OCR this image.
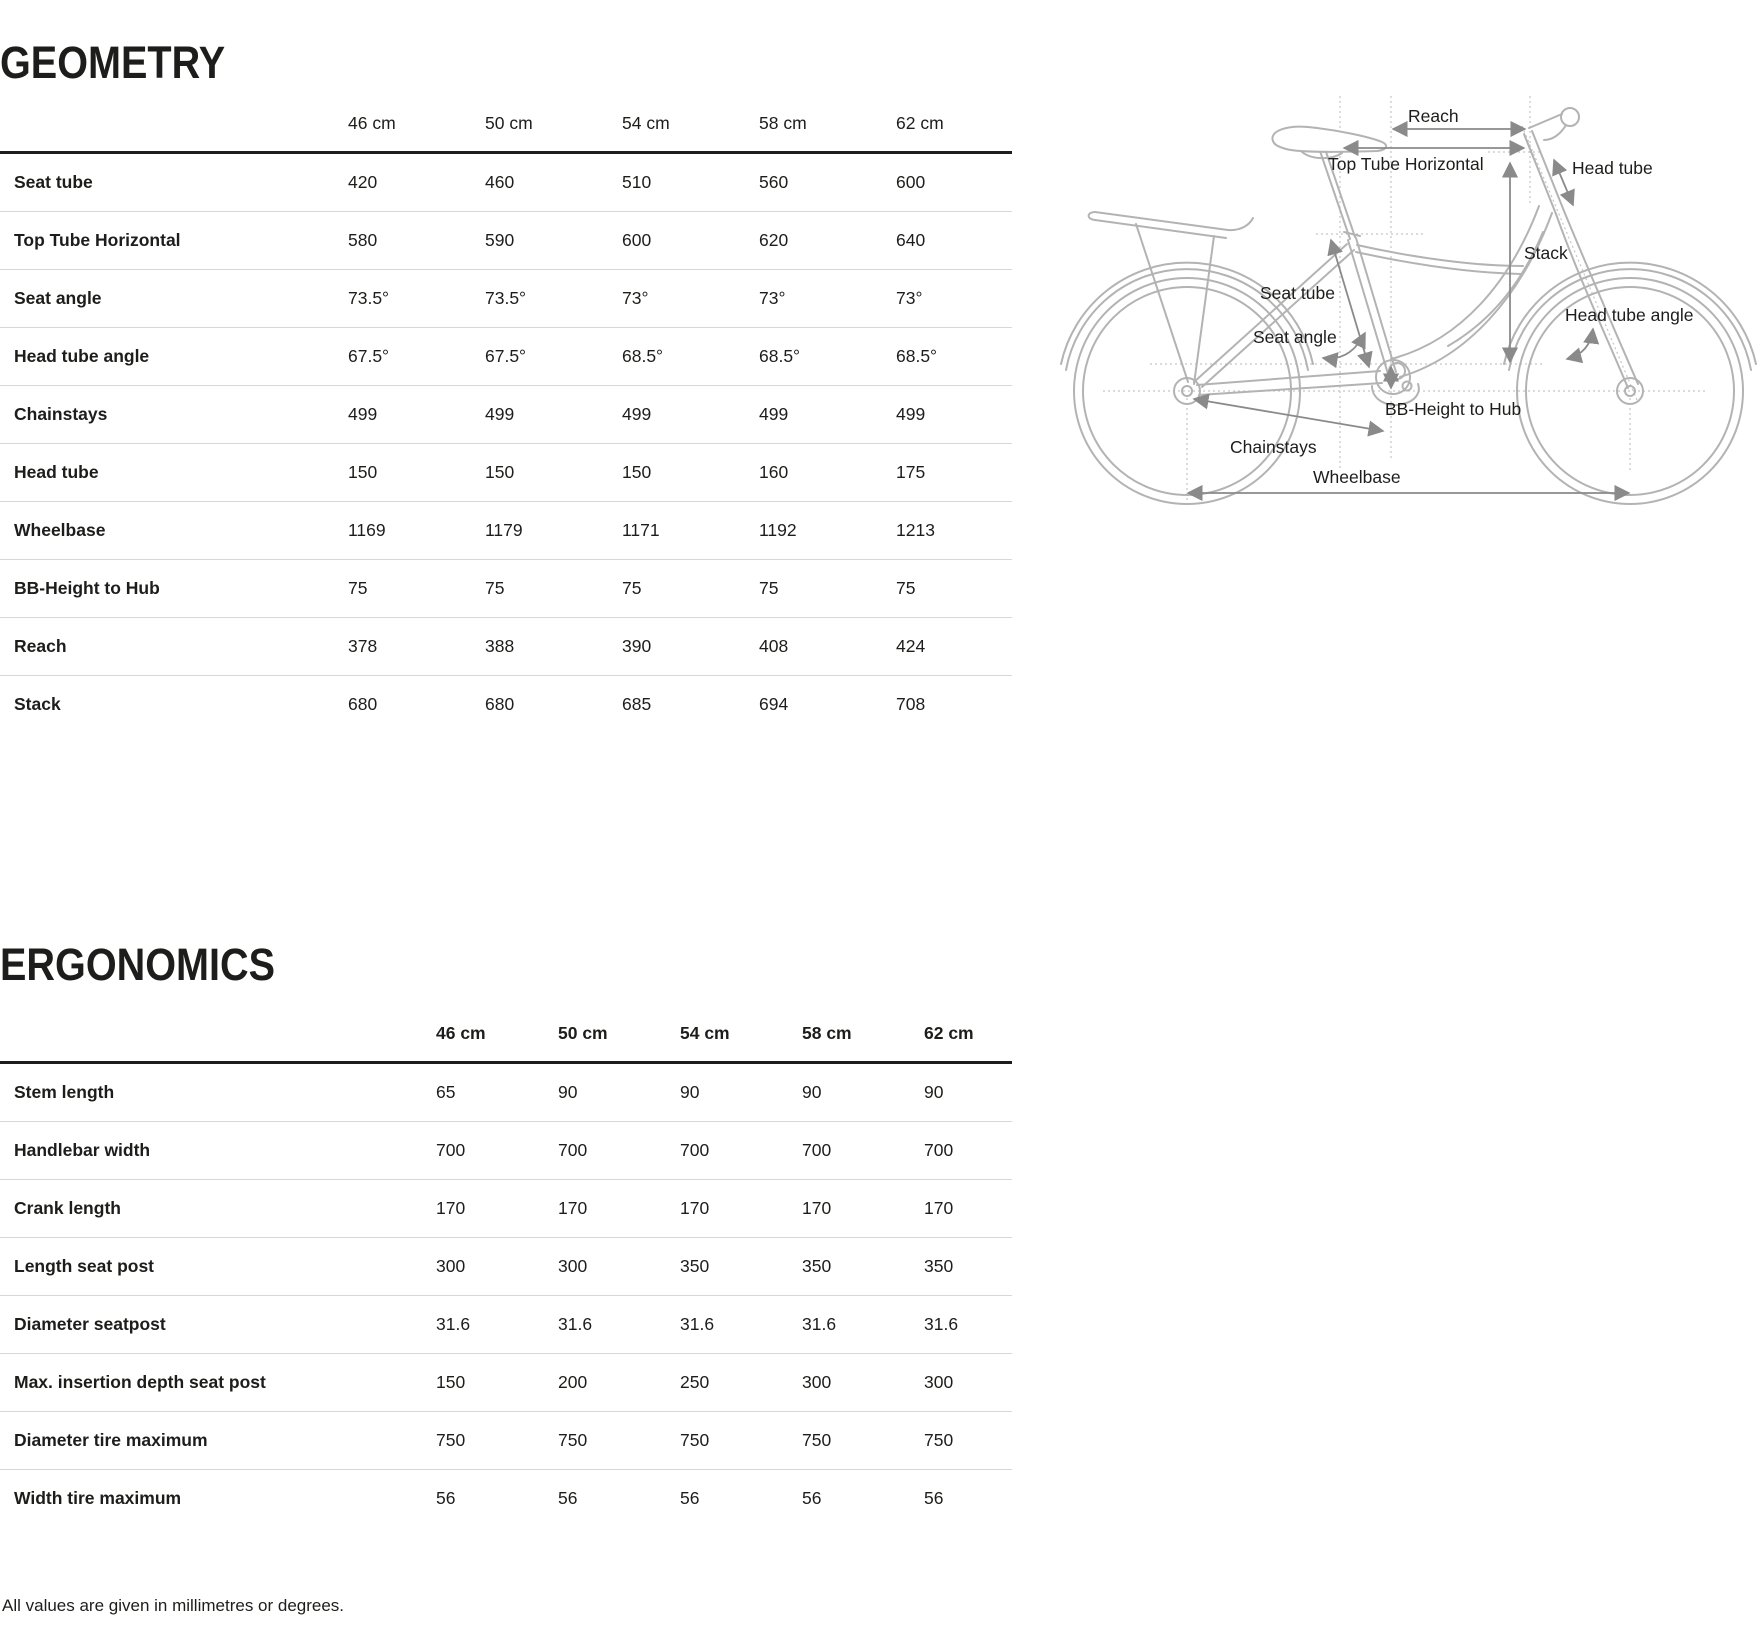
GEOMETRY
46 cm	50 cm	54 cm	58 cm	62 cm
Seat tube	420	460	510	560	600
Top Tube Horizontal	580	590	600	620	640
Seat angle	73.5°	73.5°	73°	73°	73°
Head tube angle	67.5°	67.5°	68.5°	68.5°	68.5°
Chainstays	499	499	499	499	499
Head tube	150	150	150	160	175
Wheelbase	1169	1179	1171	1192	1213
BB-Height to Hub	75	75	75	75	75
Reach	378	388	390	408	424
Stack	680	680	685	694	708
Reach
Top Tube Horizontal	Head tube
Stack
Seat tube
Seat angle
Head tube angle
BB-Height to Hub
Chainstays
Wheelbase
ERGONOMICS
46 cm	50 cm	54 cm	58 cm	62 cm
Stem length	65	90	90	90	90
Handlebar width	700	700	700	700	700
Crank length	170	170	170	170	170
Length seat post	300	300	350	350	350
Diameter seatpost	31.6	31.6	31.6	31.6	31.6
Max. insertion depth seat post	150	200	250	300	300
Diameter tire maximum	750	750	750	750	750
Width tire maximum	56	56	56	56	56
All values are given in millimetres or degrees.
